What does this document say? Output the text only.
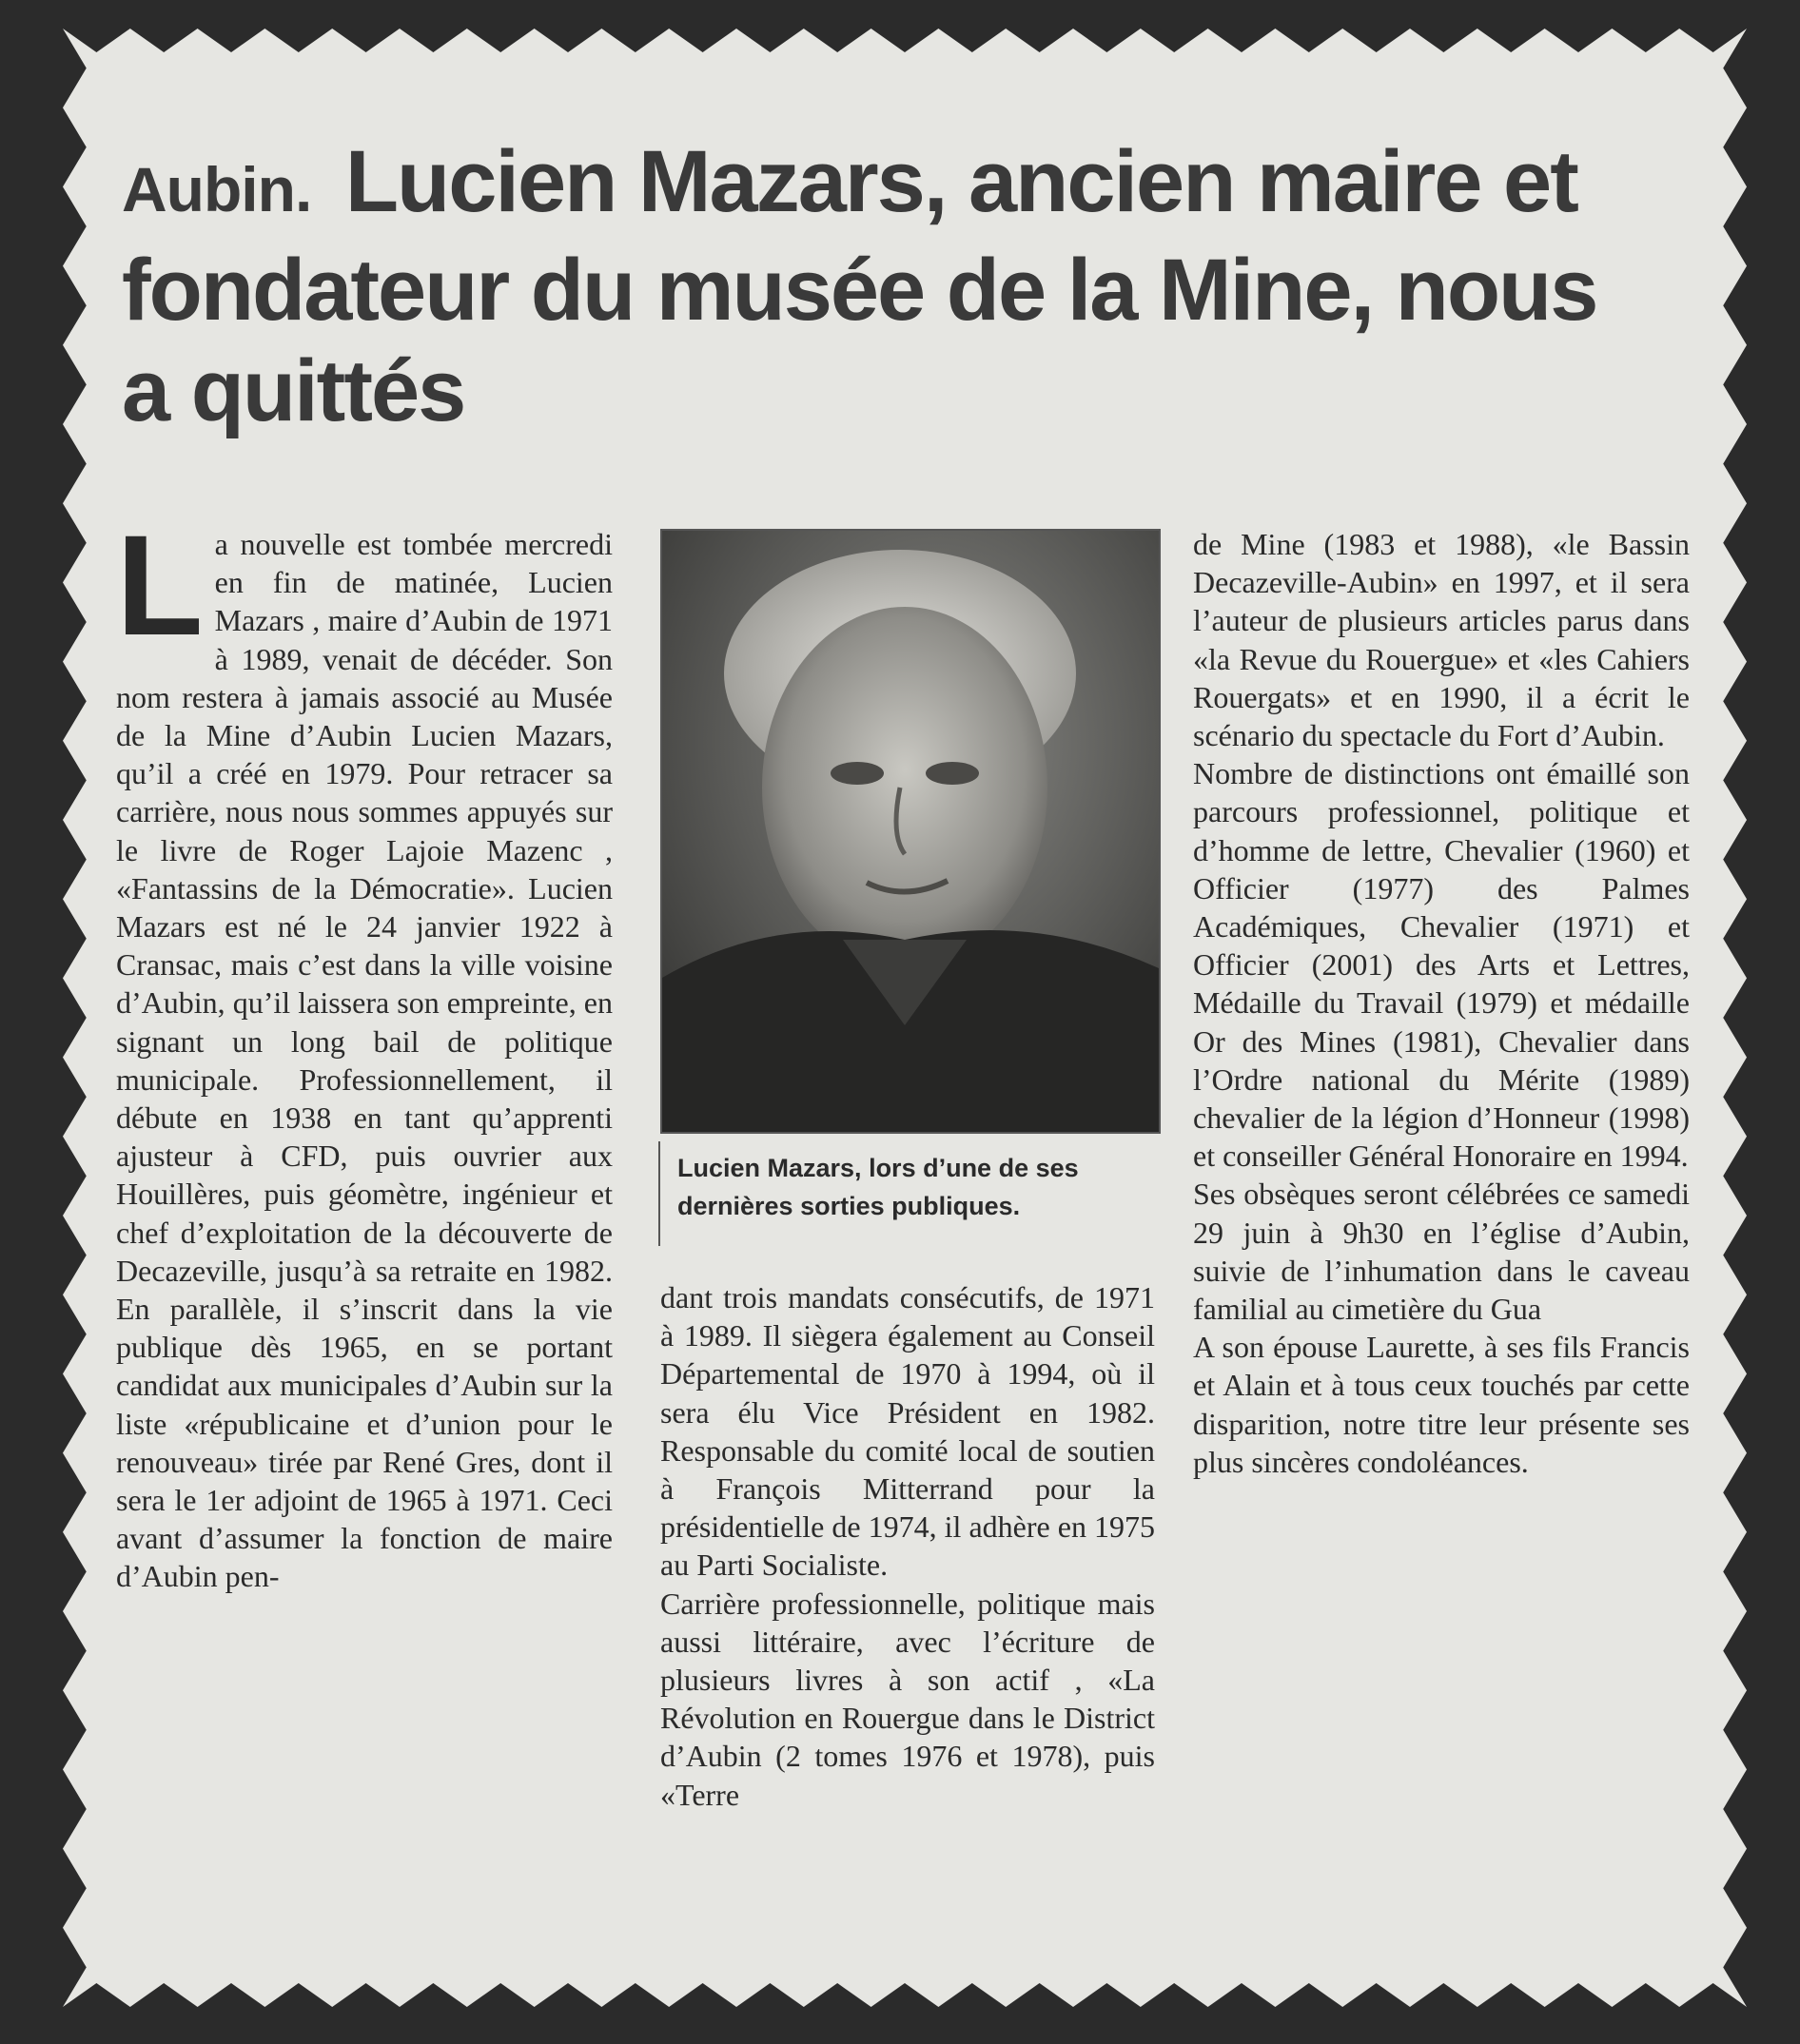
Aubin. Lucien Mazars, ancien maire et fondateur du musée de la Mine, nous a quittés
L a nouvelle est tombée mercredi en fin de matinée, Lucien Mazars , maire d’Aubin de 1971 à 1989, venait de décéder. Son nom restera à jamais associé au Musée de la Mine d’Aubin Lucien Mazars, qu’il a créé en 1979. Pour retracer sa carrière, nous nous sommes appuyés sur le livre de Roger Lajoie Mazenc , «Fantassins de la Démocratie». Lucien Mazars est né le 24 janvier 1922 à Cransac, mais c’est dans la ville voisine d’Aubin, qu’il laissera son empreinte, en signant un long bail de politique municipale. Professionnellement, il débute en 1938 en tant qu’apprenti ajusteur à CFD, puis ouvrier aux Houillères, puis géomètre, ingénieur et chef d’exploitation de la découverte de Decazeville, jusqu’à sa retraite en 1982. En parallèle, il s’inscrit dans la vie publique dès 1965, en se portant candidat aux municipales d’Aubin sur la liste «républicaine et d’union pour le renouveau» tirée par René Gres, dont il sera le 1er adjoint de 1965 à 1971. Ceci avant d’assumer la fonction de maire d’Aubin pen-

Lucien Mazars, lors d’une de ses dernières sorties publiques.

dant trois mandats consécutifs, de 1971 à 1989. Il siègera également au Conseil Départemental de 1970 à 1994, où il sera élu Vice Président en 1982. Responsable du comité local de soutien à François Mitterrand pour la présidentielle de 1974, il adhère en 1975 au Parti Socialiste.

Carrière professionnelle, politique mais aussi littéraire, avec l’écriture de plusieurs livres à son actif , «La Révolution en Rouergue dans le District d’Aubin (2 tomes 1976 et 1978), puis «Terre

de Mine (1983 et 1988), «le Bassin Decazeville-Aubin» en 1997, et il sera l’auteur de plusieurs articles parus dans «la Revue du Rouergue» et «les Cahiers Rouergats» et en 1990, il a écrit le scénario du spectacle du Fort d’Aubin.

Nombre de distinctions ont émaillé son parcours professionnel, politique et d’homme de lettre, Chevalier (1960) et Officier (1977) des Palmes Académiques, Chevalier (1971) et Officier (2001) des Arts et Lettres, Médaille du Travail (1979) et médaille Or des Mines (1981), Chevalier dans l’Ordre national du Mérite (1989) chevalier de la légion d’Honneur (1998) et conseiller Général Honoraire en 1994.

Ses obsèques seront célébrées ce samedi 29 juin à 9h30 en l’église d’Aubin, suivie de l’inhumation dans le caveau familial au cimetière du Gua

A son épouse Laurette, à ses fils Francis et Alain et à tous ceux touchés par cette disparition, notre titre leur présente ses plus sincères condoléances.
